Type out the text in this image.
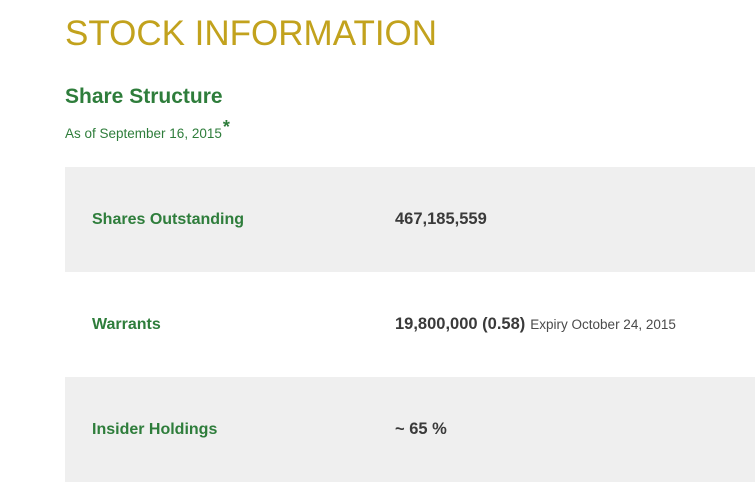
STOCK INFORMATION
Share Structure
As of September 16, 2015*
Shares Outstanding	467,185,559
Warrants	19,800,000 (0.58) Expiry October 24, 2015
Insider Holdings	~ 65 %
